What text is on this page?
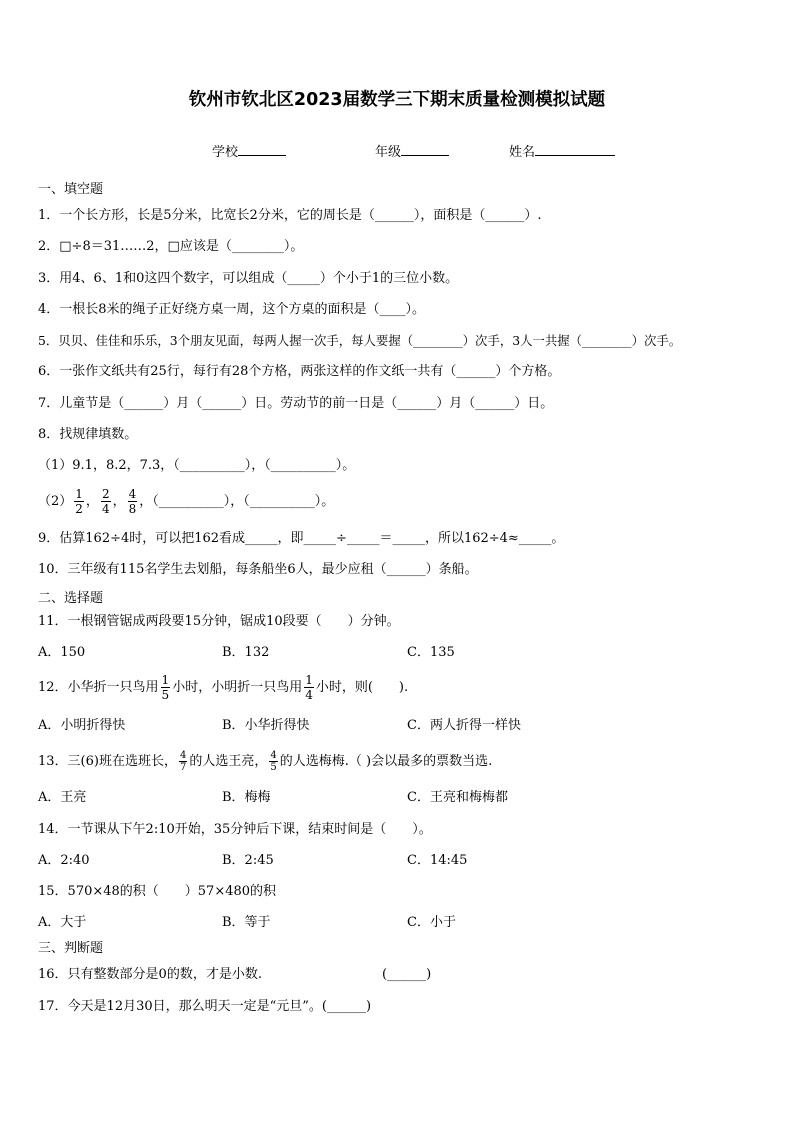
钦州市钦北区2023届数学三下期末质量检测模拟试题
学校	年级	姓名
一、填空题
1．一个长方形，长是5分米，比宽长2分米，它的周长是（______），面积是（______）.
2．□÷8＝31……2，□应该是（________）。
3．用4、6、1和0这四个数字，可以组成（_____）个小于1的三位小数。
4．一根长8米的绳子正好绕方桌一周，这个方桌的面积是（____）。
5．贝贝、佳佳和乐乐，3个朋友见面，每两人握一次手，每人要握（________）次手，3人一共握（________）次手。
6．一张作文纸共有25行，每行有28个方格，两张这样的作文纸一共有（______）个方格。
7．儿童节是（______）月（______）日。劳动节的前一日是（______）月（______）日。
8．找规律填数。
（1）9.1，8.2，7.3，（__________），（__________）。
$(2) \frac{1}{2}$ ， $\frac{2}{4}$ ， $\frac{4}{8}$ ，（__________），（__________）。
9．估算162÷4时，可以把162看成_____，即_____÷_____＝_____，所以162÷4≈_____。
10．三年级有115名学生去划船，每条船坐6人，最少应租（______）条船。
二、选择题
11．一根钢管锯成两段要15分钟，锯成10段要（　　）分钟。
A．150	B．132	C．135
12．小华折一只鸟用 $\frac{1}{5}$ 小时，小明折一只鸟用 $\frac{1}{4}$ 小时，则(　　).
A．小明折得快	B．小华折得快	C．两人折得一样快
13．三(6)班在选班长， $\frac{4}{7}$ 的人选王亮， $\frac{4}{5}$ 的人选梅梅.（ )会以最多的票数当选.
A．王亮	B．梅梅	C．王亮和梅梅都
14．一节课从下午2:10开始，35分钟后下课，结束时间是（　　）。
A．2:40	B．2:45	C．14:45
15．570×48的积（　　）57×480的积
A．大于	B．等于	C．小于
三、判断题
16．只有整数部分是0的数，才是小数.	(______)
17．今天是12月30日，那么明天一定是“元旦”。(______)
